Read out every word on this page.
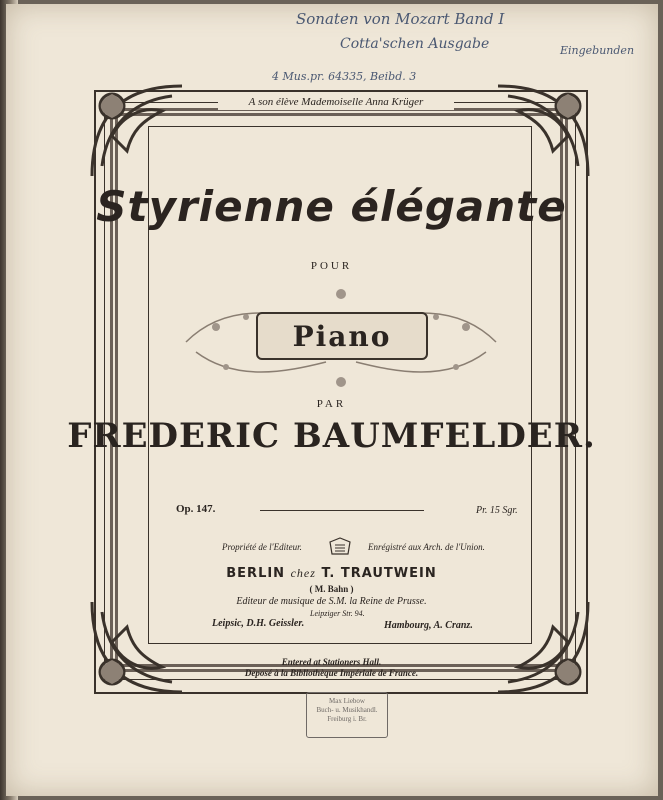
Sonaten von Mozart Band I
Cotta'schen Ausgabe	Eingebunden
4 Mus.pr. 64335, Beibd. 3
A son élève Mademoiselle Anna Krüger
Styrienne élégante
POUR
Piano
PAR
FREDERIC BAUMFELDER.
Op. 147.	Pr. 15 Sgr.
Propriété de l'Editeur.	Enrégistré aux Arch. de l'Union.
BERLIN chez T. TRAUTWEIN
( M. Bahn )
Editeur de musique de S.M. la Reine de Prusse.
Leipziger Str. 94.
Leipsic, D.H. Geissler.	Hambourg, A. Cranz.
Entered at Stationers Hall.
Deposé à la Bibliothèque Impériale de France.
Max Liebow
Buch- u. Musikhandl.
Freiburg i. Br.
